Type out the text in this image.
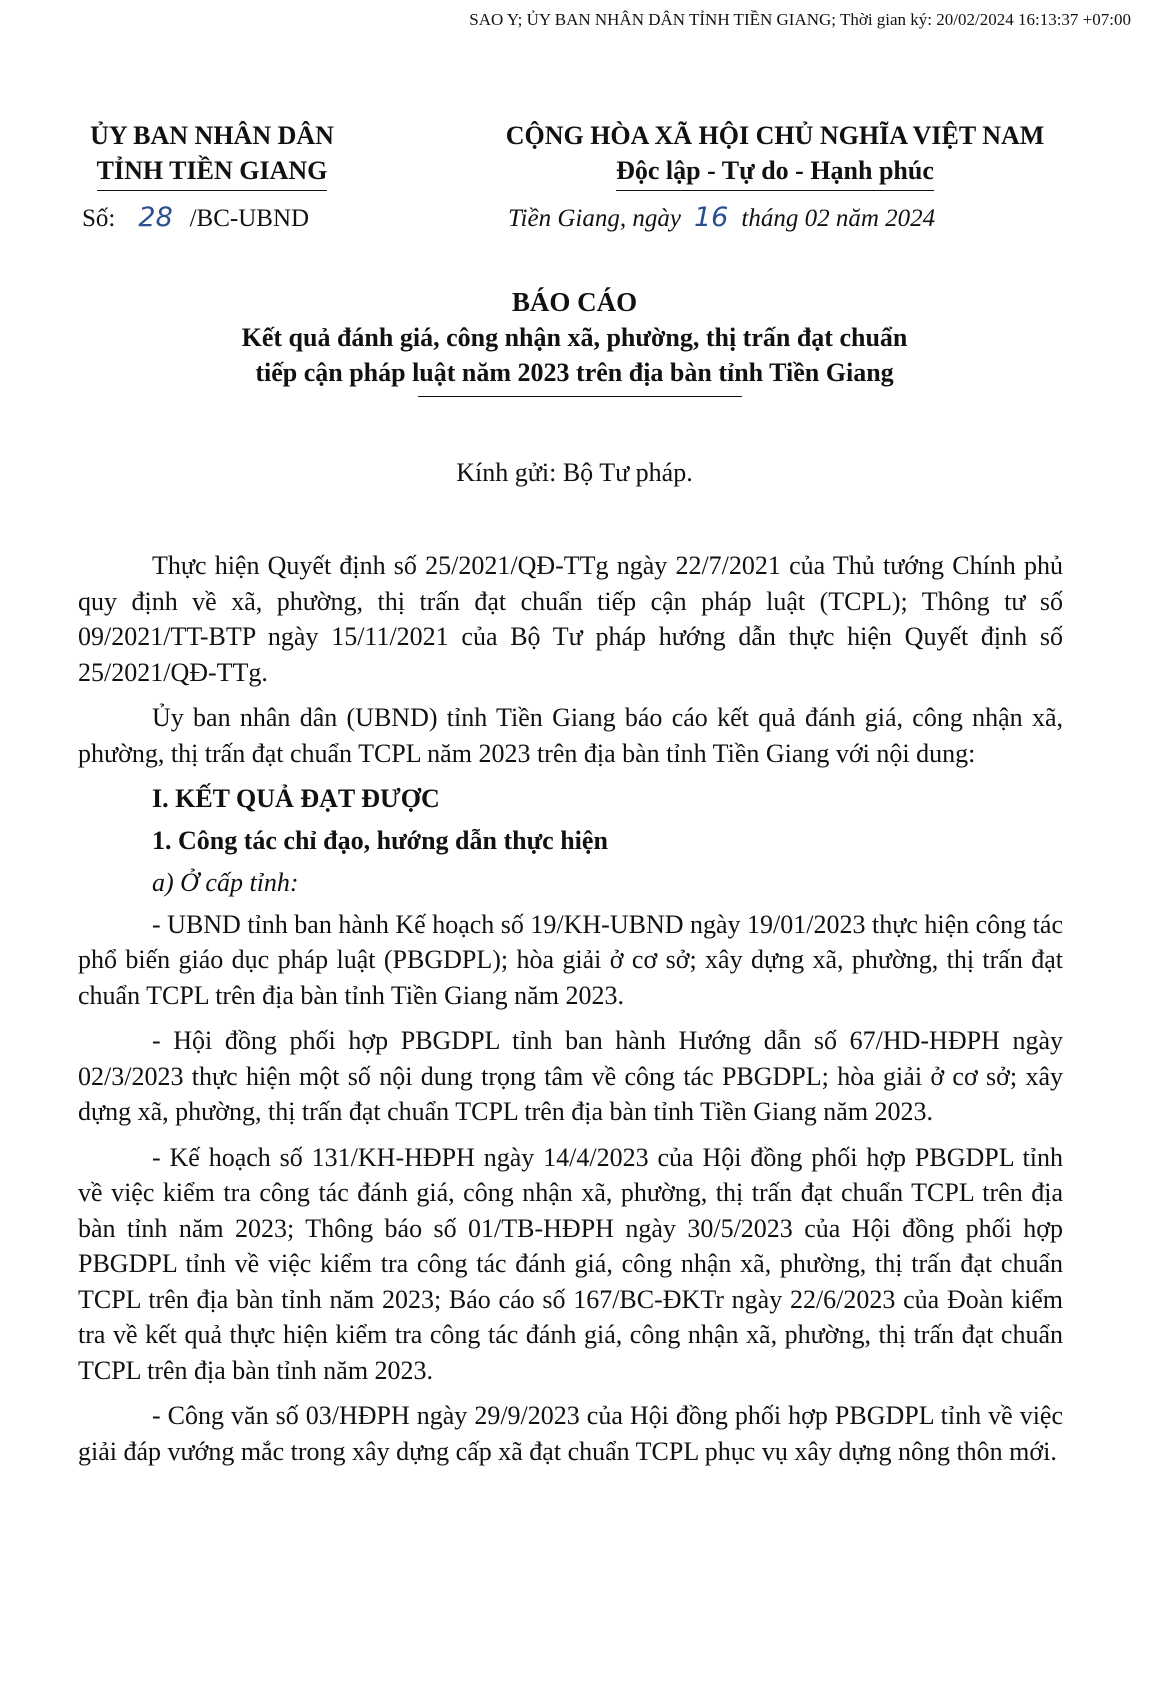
SAO Y; ỦY BAN NHÂN DÂN TỈNH TIỀN GIANG; Thời gian ký: 20/02/2024 16:13:37 +07:00
ỦY BAN NHÂN DÂN
TỈNH TIỀN GIANG
CỘNG HÒA XÃ HỘI CHỦ NGHĨA VIỆT NAM
Độc lập - Tự do - Hạnh phúc
Số: 28 /BC-UBND	Tiền Giang, ngày 16 tháng 02 năm 2024
BÁO CÁO
Kết quả đánh giá, công nhận xã, phường, thị trấn đạt chuẩn
tiếp cận pháp luật năm 2023 trên địa bàn tỉnh Tiền Giang
Kính gửi: Bộ Tư pháp.

Thực hiện Quyết định số 25/2021/QĐ-TTg ngày 22/7/2021 của Thủ tướng Chính phủ quy định về xã, phường, thị trấn đạt chuẩn tiếp cận pháp luật (TCPL); Thông tư số 09/2021/TT-BTP ngày 15/11/2021 của Bộ Tư pháp hướng dẫn thực hiện Quyết định số 25/2021/QĐ-TTg.

Ủy ban nhân dân (UBND) tỉnh Tiền Giang báo cáo kết quả đánh giá, công nhận xã, phường, thị trấn đạt chuẩn TCPL năm 2023 trên địa bàn tỉnh Tiền Giang với nội dung:

I. KẾT QUẢ ĐẠT ĐƯỢC
1. Công tác chỉ đạo, hướng dẫn thực hiện
a) Ở cấp tỉnh:

- UBND tỉnh ban hành Kế hoạch số 19/KH-UBND ngày 19/01/2023 thực hiện công tác phổ biến giáo dục pháp luật (PBGDPL); hòa giải ở cơ sở; xây dựng xã, phường, thị trấn đạt chuẩn TCPL trên địa bàn tỉnh Tiền Giang năm 2023.

- Hội đồng phối hợp PBGDPL tỉnh ban hành Hướng dẫn số 67/HD-HĐPH ngày 02/3/2023 thực hiện một số nội dung trọng tâm về công tác PBGDPL; hòa giải ở cơ sở; xây dựng xã, phường, thị trấn đạt chuẩn TCPL trên địa bàn tỉnh Tiền Giang năm 2023.

- Kế hoạch số 131/KH-HĐPH ngày 14/4/2023 của Hội đồng phối hợp PBGDPL tỉnh về việc kiểm tra công tác đánh giá, công nhận xã, phường, thị trấn đạt chuẩn TCPL trên địa bàn tỉnh năm 2023; Thông báo số 01/TB-HĐPH ngày 30/5/2023 của Hội đồng phối hợp PBGDPL tỉnh về việc kiểm tra công tác đánh giá, công nhận xã, phường, thị trấn đạt chuẩn TCPL trên địa bàn tỉnh năm 2023; Báo cáo số 167/BC-ĐKTr ngày 22/6/2023 của Đoàn kiểm tra về kết quả thực hiện kiểm tra công tác đánh giá, công nhận xã, phường, thị trấn đạt chuẩn TCPL trên địa bàn tỉnh năm 2023.

- Công văn số 03/HĐPH ngày 29/9/2023 của Hội đồng phối hợp PBGDPL tỉnh về việc giải đáp vướng mắc trong xây dựng cấp xã đạt chuẩn TCPL phục vụ xây dựng nông thôn mới.
